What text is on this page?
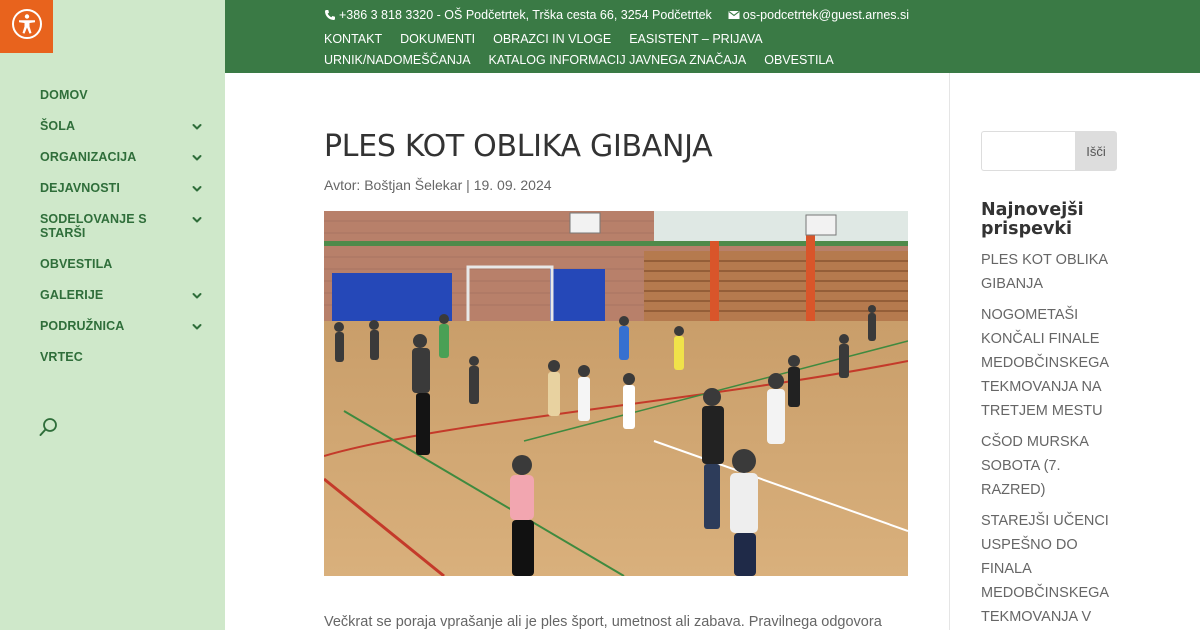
DOMOV
ŠOLA
ORGANIZACIJA
DEJAVNOSTI
SODELOVANJE S STARŠI
OBVESTILA
GALERIJE
PODRUŽNICA
VRTEC
+386 3 818 3320 - OŠ Podčetrtek, Trška cesta 66, 3254 Podčetrtek os-podcetrtek@guest.arnes.si
KONTAKT DOKUMENTI OBRAZCI IN VLOGE EASISTENT – PRIJAVA
URNIK/NADOMEŠČANJA KATALOG INFORMACIJ JAVNEGA ZNAČAJA OBVESTILA
PLES KOT OBLIKA GIBANJA
Avtor: Boštjan Šelekar | 19. 09. 2024

Večkrat se poraja vprašanje ali je ples šport, umetnost ali zabava. Pravilnega odgovora

Išči
Najnovejši prispevki
PLES KOT OBLIKA GIBANJA
NOGOMETAŠI KONČALI FINALE MEDOBČINSKEGA TEKMOVANJA NA TRETJEM MESTU
CŠOD MURSKA SOBOTA (7. RAZRED)
STAREJŠI UČENCI USPEŠNO DO FINALA MEDOBČINSKEGA TEKMOVANJA V
